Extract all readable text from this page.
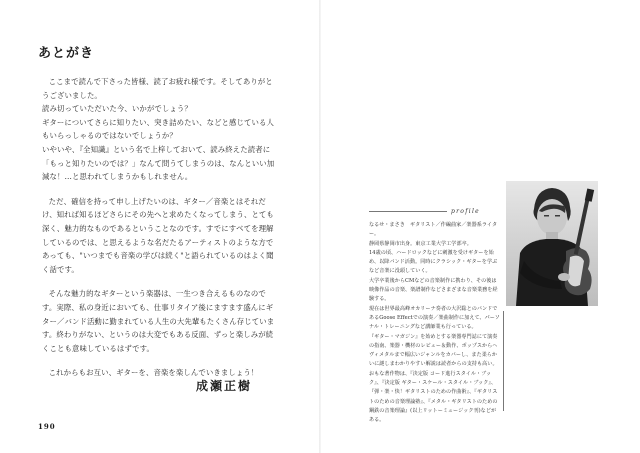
あとがき
ここまで読んで下さった皆様、読了お疲れ様です。そしてありがとうございました。
読み切っていただいた今、いかがでしょう？
ギターについてさらに知りたい、突き詰めたい、などと感じている人もいらっしゃるのではないでしょうか？
いやいや、『全知識』という名で上梓しておいて、読み終えた読者に「もっと知りたいのでは？」なんて問うてしまうのは、なんといい加減な！…と思われてしまうかもしれません。
ただ、確信を持って申し上げたいのは、ギター／音楽とはそれだけ、知れば知るほどさらにその先へと求めたくなってしまう、とても深く、魅力的なものであるということなのです。すでにすべてを理解しているのでは、と思えるような名だたるアーティストのような方であっても、"いつまでも音楽の学びは続く"と語られているのはよく聞く話です。
そんな魅力的なギターという楽器は、一生つき合えるものなのです。実際、私の身近においても、仕事リタイア後にますます盛んにギター／バンド活動に勤まれている人生の大先輩もたくさん存じています。終わりがない、というのは大変でもある反面、ずっと楽しみが続くことも意味しているはずです。
これからもお互い、ギターを、音楽を楽しんでいきましょう！
成瀬正樹
190
profile
なるせ・まさき　ギタリスト／作編曲家／楽器系ライター。
静岡県静岡市出身。東京工業大学工学部卒。
14歳の頃、ハードロックなどに刺激を受けギターを始め、以降バンド活動。同時にクラシック・ギターを学ぶなど音楽に没頭していく。
大学卒業後からCMなどの音楽制作に携わり、その後は映像作品の音楽、楽譜制作などさまざまな音楽業務を経験する。
現在は世界最高峰オカリーナ奏者の大沢聡とのバンドであるGoose Effectでの演奏／楽曲制作に加えて、パーソナル・トレーニングなど講師業も行っている。
『ギター・マガジン』を始めとする楽器専門誌にて演奏の指南、楽器・機材のレビュー＆動作、ポップスからヘヴィメタルまで幅広いジャンルをカバーし、また柔らかいに謎しまわかりやすい解説は読者からの支持も高い。
おもな著作物は、『決定版 コード進行スタイル・ブック』、『決定版 ギター・スケール・スタイル・ブック』、『弾・楽・快！ギタリストのための作曲術』、『ギタリストのための音楽理論塾』、『メタル・ギタリストのための鋼鉄の音楽理論』(以上リットーミュージック刊)などがある。
